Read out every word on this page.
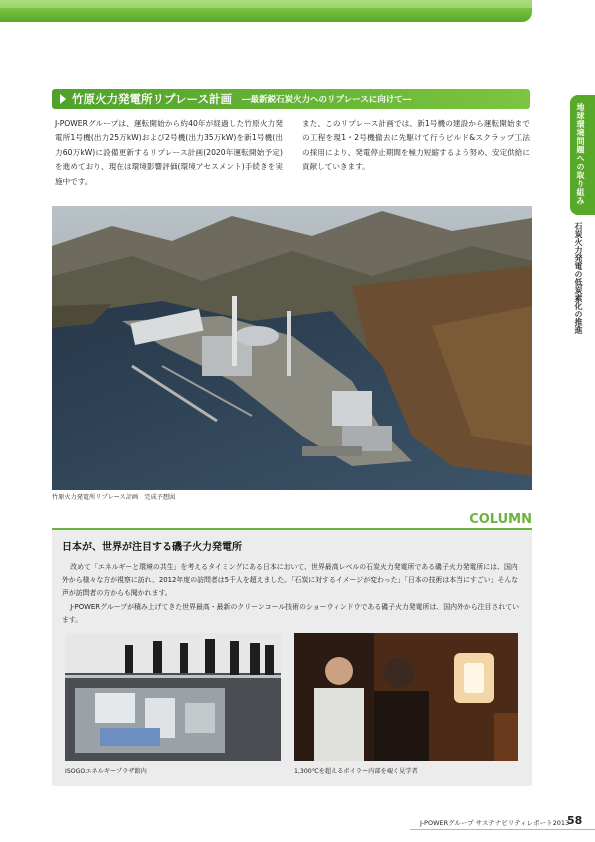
竹原火力発電所リプレース計画 ―最新鋭石炭火力へのリプレースに向けて―
J-POWERグループは、運転開始から約40年が経過した竹原火力発電所1号機(出力25万kW)および2号機(出力35万kW)を新1号機(出力60万kW)に設備更新するリプレース計画(2020年運転開始予定)を進めており、現在は環境影響評価(環境アセスメント)手続きを実施中です。
また、このリプレース計画では、新1号機の建設から運転開始までの工程を現1・2号機撤去に先駆けて行うビルド&スクラップ工法の採用により、発電停止期間を極力短縮するよう努め、安定供給に貢献していきます。
竹原火力発電所リプレース計画　完成予想図
地球環境問題への取り組み
石炭火力発電の低炭素化の推進
COLUMN
日本が、世界が注目する磯子火力発電所

改めて「エネルギーと環境の共生」を考えるタイミングにある日本において、世界最高レベルの石炭火力発電所である磯子火力発電所には、国内外から様々な方が視察に訪れ、2012年度の訪問者は5千人を超えました。「石炭に対するイメージが変わった」「日本の技術は本当にすごい」そんな声が訪問者の方からも聞かれます。

J-POWERグループが積み上げてきた世界最高・最新のクリーンコール技術のショーウィンドウである磯子火力発電所は、国内外から注目されています。

ISOGOエネルギープラザ館内	1,300℃を超えるボイラー内部を覗く見学者
J-POWERグループ サステナビリティレポート2013
58
